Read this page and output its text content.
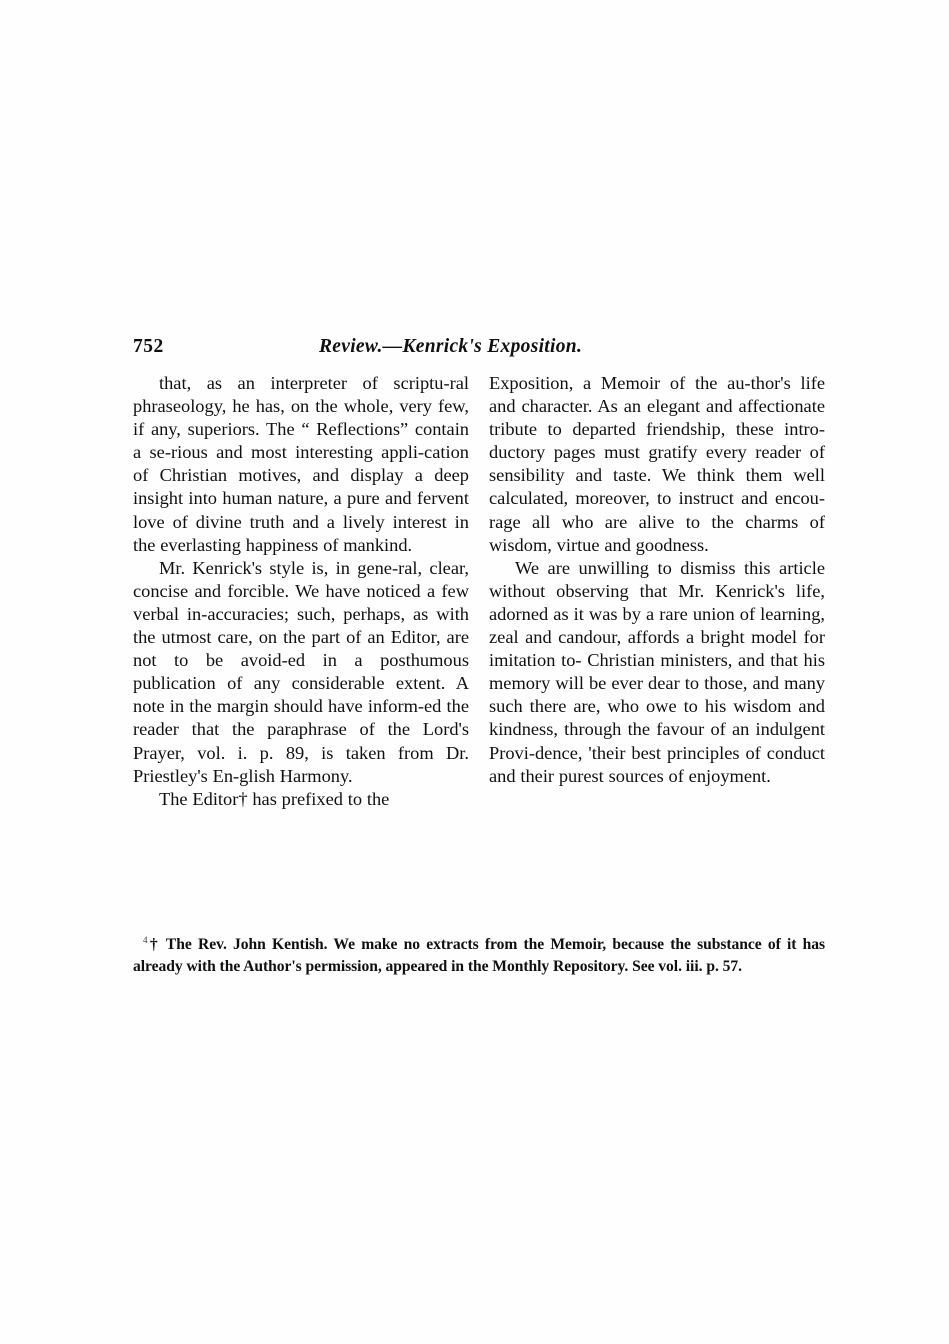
752	Review.—Kenrick's Exposition.

that, as an interpreter of scriptu-ral phraseology, he has, on the whole, very few, if any, superiors. The “ Reflections” contain a se-rious and most interesting appli-cation of Christian motives, and display a deep insight into human nature, a pure and fervent love of divine truth and a lively interest in the everlasting happiness of mankind.

Mr. Kenrick's style is, in gene-ral, clear, concise and forcible. We have noticed a few verbal in-accuracies; such, perhaps, as with the utmost care, on the part of an Editor, are not to be avoid-ed in a posthumous publication of any considerable extent. A note in the margin should have inform-ed the reader that the paraphrase of the Lord's Prayer, vol. i. p. 89, is taken from Dr. Priestley's En-glish Harmony.

The Editor† has prefixed to the

Exposition, a Memoir of the au-thor's life and character. As an elegant and affectionate tribute to departed friendship, these intro-ductory pages must gratify every reader of sensibility and taste. We think them well calculated, moreover, to instruct and encou-rage all who are alive to the charms of wisdom, virtue and goodness.

We are unwilling to dismiss this article without observing that Mr. Kenrick's life, adorned as it was by a rare union of learning, zeal and candour, affords a bright model for imitation to- Christian ministers, and that his memory will be ever dear to those, and many such there are, who owe to his wisdom and kindness, through the favour of an indulgent Provi-dence, 'their best principles of conduct and their purest sources of enjoyment.

$^4$† The Rev. John Kentish. We make no extracts from the Memoir, because the substance of it has already with the Author's permission, appeared in the Monthly Repository. See vol. iii. p. 57.
